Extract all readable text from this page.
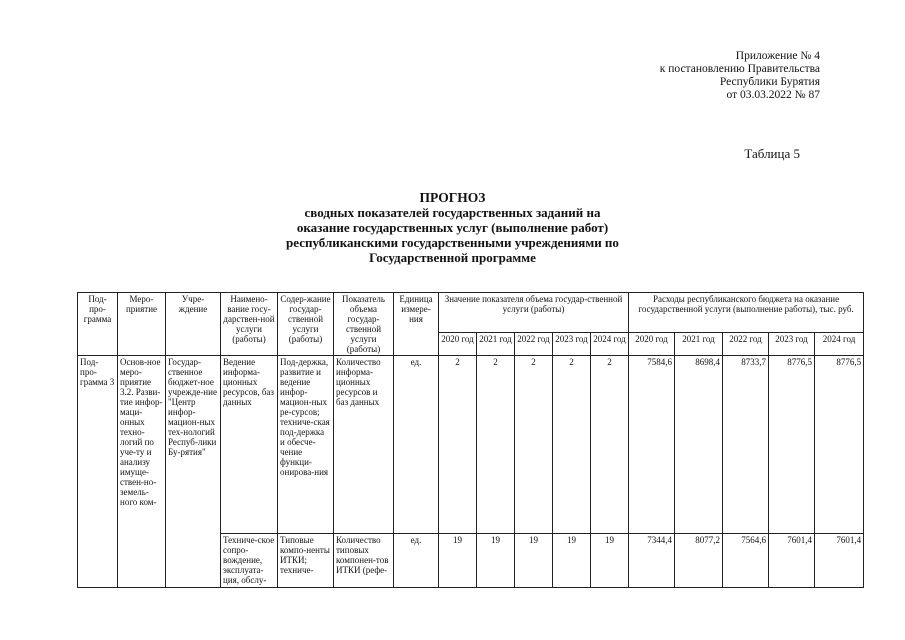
Приложение № 4
к постановлению Правительства
Республики Бурятия
от 03.03.2022 № 87
Таблица 5
ПРОГНОЗ
сводных показателей государственных заданий на
оказание государственных услуг (выполнение работ)
республиканскими государственными учреждениями по
Государственной программе
Под-про-грамма	Меро-приятие	Учре-ждение	Наимено-вание госу-дарствен-ной услуги (работы)	Содер-жание государ-ственной услуги (работы)	Показатель объема государ-ственной услуги (работы)	Единица измере-ния	Значение показателя объема государ-ственной услуги (работы)					Расходы республиканского бюджета на оказание государственной услуги (выполнение работы), тыс. руб.				
							2020 год	2021 год	2022 год	2023 год	2024 год	2020 год	2021 год	2022 год	2023 год	2024 год
Под-про-грамма 3	Основ-ное меро-приятие 3.2. Разви-тие инфор-маци-онных техно-логий по уче-ту и анализу имуще-ствен-но-земель-ного ком-	Государ-ственное бюджет-ное учрежде-ние "Центр инфор-мацион-ных тех-нологий Респуб-лики Бу-рятия"	Ведение информа-ционных ресурсов, баз данных	Под-держка, развитие и ведение инфор-мацион-ных ре-сурсов; техниче-ская под-держка и обесче-чение функци-онирова-ния	Количество информа-ционных ресурсов и баз данных	ед.	2	2	2	2	2	7584,6	8698,4	8733,7	8776,5	8776,5
			Техниче-ское сопро-вождение, эксплуата-ция, обслу-	Типовые компо-ненты ИТКИ; техниче-	Количество типовых компонен-тов ИТКИ (рефе-	ед.	19	19	19	19	19	7344,4	8077,2	7564,6	7601,4	7601,4
